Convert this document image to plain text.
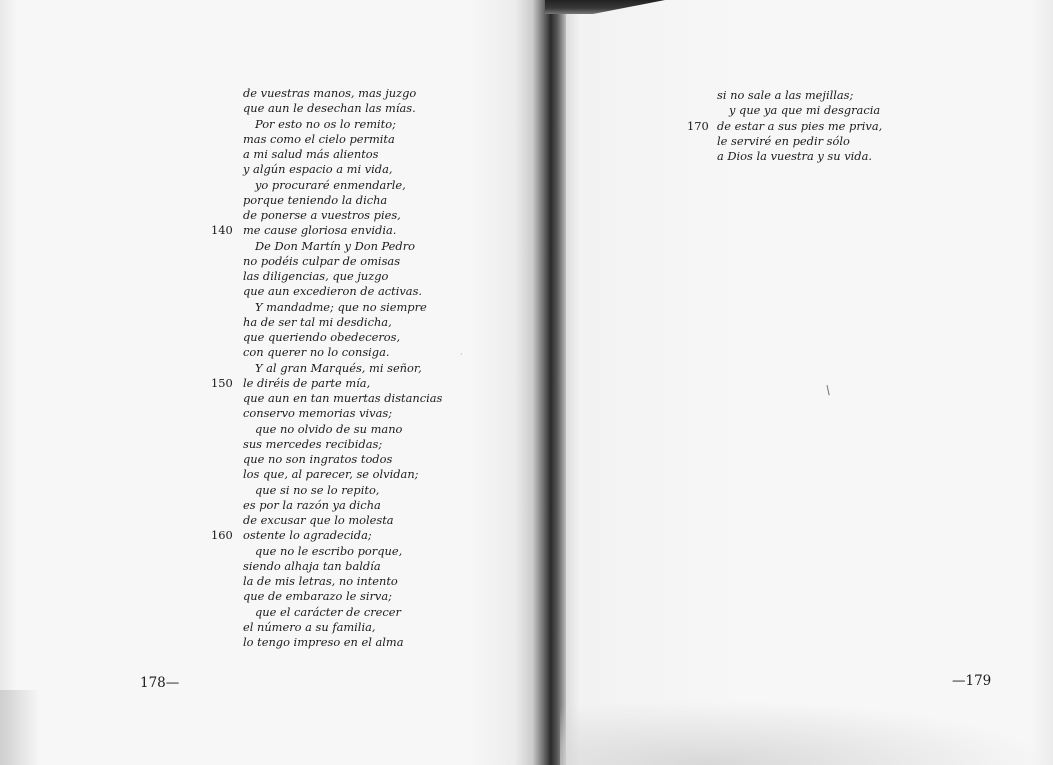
de vuestras manos, mas juzgo
que aun le desechan las mías.
Por esto no os lo remito;
mas como el cielo permita
a mi salud más alientos
y algún espacio a mi vida,
yo procuraré enmendarle,
porque teniendo la dicha
de ponerse a vuestros pies,
140 me cause gloriosa envidia.
De Don Martín y Don Pedro
no podéis culpar de omisas
las diligencias, que juzgo
que aun excedieron de activas.
Y mandadme; que no siempre
ha de ser tal mi desdicha,
que queriendo obedeceros,
con querer no lo consiga.
Y al gran Marqués, mi señor,
150 le diréis de parte mía,
que aun en tan muertas distancias
conservo memorias vivas;
que no olvido de su mano
sus mercedes recibidas;
que no son ingratos todos
los que, al parecer, se olvidan;
que si no se lo repito,
es por la razón ya dicha
de excusar que lo molesta
160 ostente lo agradecida;
que no le escribo porque,
siendo alhaja tan baldía
la de mis letras, no intento
que de embarazo le sirva;
que el carácter de crecer
el número a su familia,
lo tengo impreso en el alma
si no sale a las mejillas;
y que ya que mi desgracia
170 de estar a sus pies me priva,
le serviré en pedir sólo
a Dios la vuestra y su vida.
178—	—179
/
·
